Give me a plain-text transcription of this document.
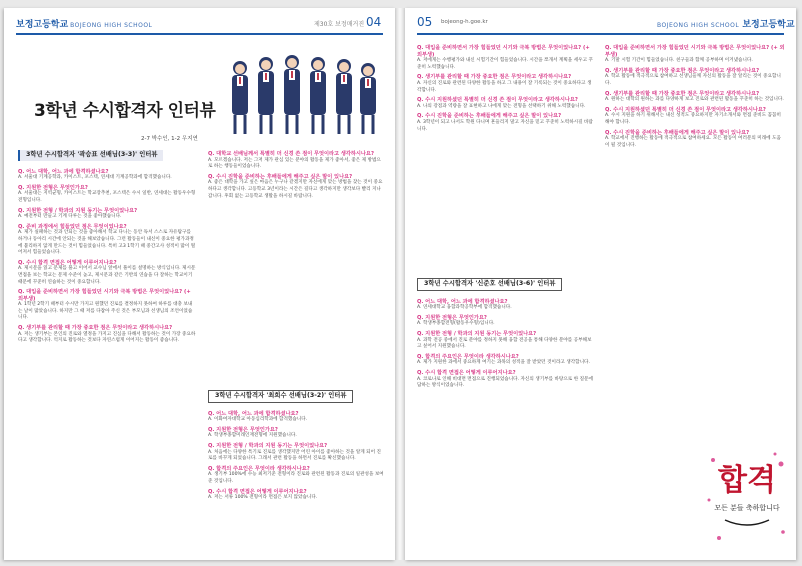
보정고등학교 BOJEONG HIGH SCHOOL	제30호 보정매거진 04
3학년 수시합격자 인터뷰
2-7 박수인, 1-2 우지연
3학년 수시합격자 '곽승표 선배님(3-3)' 인터뷰
Q. 어느 대학, 어느 과에 합격하셨나요?
A. 서울대 기계공학과, 카이스트, 포스텍, 연세대 기계공학과에 합격했습니다.
Q. 지원한 전형은 무엇인가요?
A. 서울대는 지역균형, 카이스트는 학교장추천, 포스텍은 수시 일반, 연세대는 활동우수형 전형입니다.
Q. 지원한 전형 / 학과의 지원 동기는 무엇이었나요?
A. 예전부터 만들고 기계 다루는 것을 좋아했습니다.
Q. 준비 과정에서 힘들었던 점은 무엇이었나요?
A. 제가 실패하는 것과 안되는 것을 좋아해서 학교 다니는 동안 독서 스스로 자유탐구를 하거나 동아리 시간에 안되는 것을 해보았습니다. 그런 활동들이 내신이 중요한 평가과정에 불리하지 않게 만드는 것이 힘들었습니다. 특히 고3 1학기 때 중간고사 성적이 많이 떨어져서 힘들었습니다.
Q. 수시 합격 면접은 어떻게 이루어지나요?
A. 제시문을 읽고 문제를 풀고 이어서 교수님 앞에서 풀이를 설명하는 방식입니다. 제시문 면접을 보는 학교는 문제 수준이 높고, 제시문과 같은 기반의 연습을 다 잘하는 학교이기 때문에 꾸준히 연습하는 것이 중요합니다.
Q. 대입을 준비하면서 가장 힘들었던 시기와 극복 방법은 무엇이었나요? (+ 외부생)
A. 1학년 2학기 때부터 수시만 가지고 원했던 진로를 결정하지 못하여 하루를 대충 보내는 날이 많았습니다. 하지만 그 때 저를 다잡아 주신 것은 부모님과 선생님의 조언이었습니다.
Q. 생기부를 관리할 때 가장 중요한 점은 무엇이라고 생각하시나요?
A. 저는 생기부는 본인의 진로와 열정을 가지고 진심을 다해서 활동하는 것이 가장 중요하다고 생각합니다. 억지로 활동하는 것보다 자연스럽게 이어지는 활동이 좋습니다.
Q. 대학교 선배님께서 특별히 더 신경 쓴 점이 무엇이라고 생각하시나요?
A. 모르겠습니다. 저는 그저 제가 관심 있는 분야의 활동을 제가 좋아서, 좋은 제 방법으로 하는 행동들이었습니다.
Q. 수시 진학을 준비하는 후배들에게 해주고 싶은 말이 있나요?
A. 좋은 대학을 가고 싶은 마음은 누구나 같겠지만 자신에게 맞는 방법을 찾는 것이 중요하다고 생각합니다. 고등학교 3년이라는 시간은 길다고 생각하지만 생각보다 빨리 지나갑니다. 후회 없는 고등학교 생활을 하시길 바랍니다.
3학년 수시합격자 '최희수 선배님(3-2)' 인터뷰
Q. 어느 대학, 어느 과에 합격하셨나요?
A. 이화여자대학교 아동심리학과에 합격했습니다.
Q. 지원한 전형은 무엇인가요?
A. 학생부종합미래인재전형에 지원했습니다.
Q. 지원한 전형 / 학과의 지원 동기는 무엇이었나요?
A. 처음에는 다양한 특기로 진로를 생각했지만 어린 아이를 좋아하는 것을 알게 되어 진로를 바꾸게 되었습니다. 그래서 관련 활동을 하면서 진로를 확신했습니다.
Q. 합격의 주요인은 무엇이라 생각하시나요?
A. 생기부 100%에 수능 최저기준 전형이라 진로와 관련된 활동과 진로의 일관성을 보여준 것입니다.
Q. 수시 합격 면접은 어떻게 이루어지나요?
A. 저는 서류 100% 전형이라 면접은 보지 않았습니다.
05 bojeong-h.goe.kr	BOJEONG HIGH SCHOOL 보정고등학교
Q. 대입을 준비하면서 가장 힘들었던 시기와 극복 방법은 무엇이었나요? (+ 외부생)
A. 저에게는 수행평가와 내신 시험기간이 힘들었습니다. 시간을 쪼개서 계획을 세우고 꾸준히 노력했습니다.
Q. 생기부를 관리할 때 가장 중요한 점은 무엇이라고 생각하시나요?
A. 자신의 진로와 관련된 다양한 활동을 하고 그 내용이 잘 기록되는 것이 중요하다고 생각합니다.
Q. 수시 지원하셨던 특별히 더 신경 쓴 점이 무엇이라고 생각하시나요?
A. 나의 강점과 역량을 잘 표현하고 나에게 맞는 전형을 선택하기 위해 노력했습니다.
Q. 수시 진학을 준비하는 후배들에게 해주고 싶은 말이 있나요?
A. 3학년이 되고 나서도 학원 다니며 흔들리지 말고 자신을 믿고 꾸준히 노력하시길 바랍니다.
3학년 수시합격자 '신준호 선배님(3-6)' 인터뷰
Q. 어느 대학, 어느 과에 합격하셨나요?
A. 연세대학교 융합과학공학부에 합격했습니다.
Q. 지원한 전형은 무엇인가요?
A. 학생부종합전형(활동우수형)입니다.
Q. 지원한 전형 / 학과의 지원 동기는 무엇이었나요?
A. 과학 전공 중에서 진로 분야를 정하지 못해 융합 전공을 통해 다양한 분야를 공부해보고 싶어서 지원했습니다.
Q. 합격의 주요인은 무엇이라 생각하시나요?
A. 제가 지원한 과에서 중요하게 여기는 과목의 성적을 잘 받았던 것이라고 생각합니다.
Q. 수시 합격 면접은 어떻게 이루어지나요?
A. 코로나로 인해 비대면 면접으로 진행되었습니다. 자신의 생기부를 바탕으로 한 질문에 답하는 방식이었습니다.
Q. 대입을 준비하면서 가장 힘들었던 시기와 극복 방법은 무엇이었나요? (+ 외부생)
A. 기말 시험 기간이 힘들었습니다. 친구들과 함께 공부하며 이겨냈습니다.
Q. 생기부를 관리할 때 가장 중요한 점은 무엇이라고 생각하시나요?
A. 학교 활동에 적극적으로 참여하고 선생님들께 자신의 활동을 잘 알리는 것이 중요합니다.
Q. 생기부를 관리할 때 가장 중요한 점은 무엇이라고 생각하시나요?
A. 원하는 대학의 원하는 과를 다양하게 보고 진로와 관련된 활동을 꾸준히 하는 것입니다.
Q. 수시 지원하셨던 특별히 더 신경 쓴 점이 무엇이라고 생각하시나요?
A. 수시 지원을 하기 위해서는 내신 성적도 중요하지만 자기소개서와 면접 준비도 꼼꼼히 해야 합니다.
Q. 수시 진학을 준비하는 후배들에게 해주고 싶은 말이 있나요?
A. 학교에서 진행하는 활동에 적극적으로 참여하세요. 모든 활동이 여러분의 미래에 도움이 될 것입니다.
합격
모든 분들 축하합니다
